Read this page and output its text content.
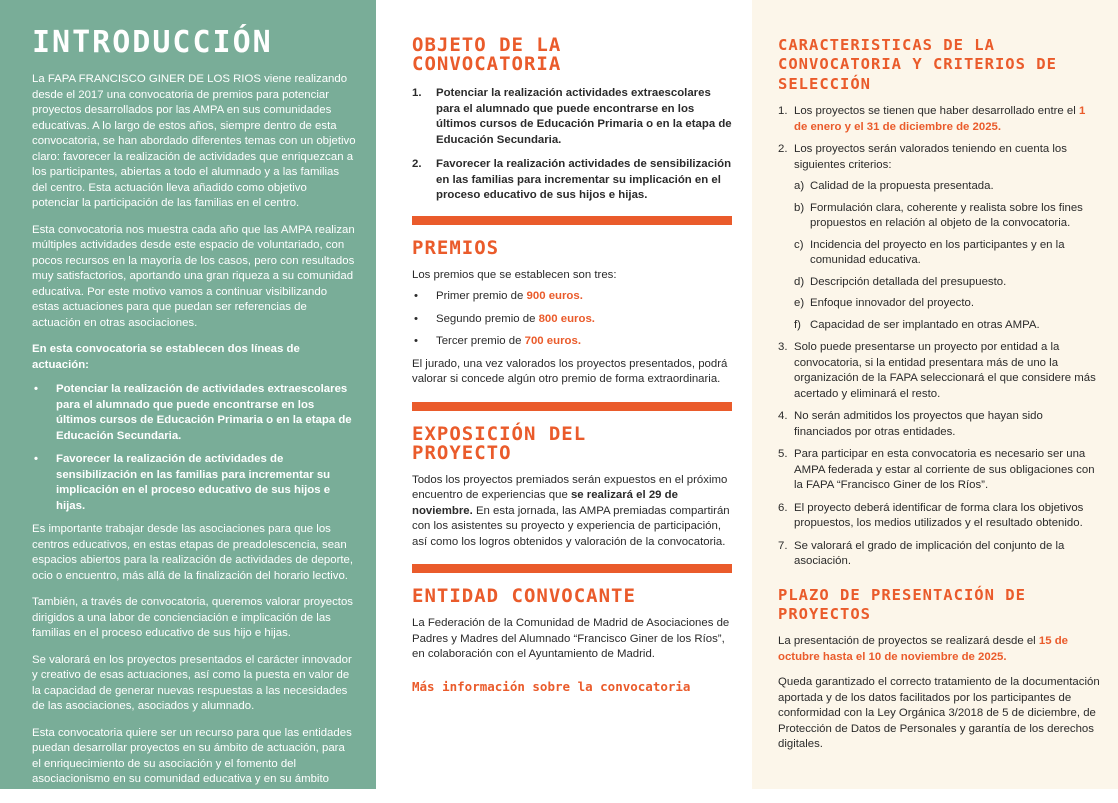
INTRODUCCIÓN

La FAPA FRANCISCO GINER DE LOS RIOS viene realizando desde el 2017 una convocatoria de premios para potenciar proyectos desarrollados por las AMPA en sus comunidades educativas. A lo largo de estos años, siempre dentro de esta convocatoria, se han abordado diferentes temas con un objetivo claro: favorecer la realización de actividades que enriquezcan a los participantes, abiertas a todo el alumnado y a las familias del centro. Esta actuación lleva añadido como objetivo potenciar la participación de las familias en el centro.

Esta convocatoria nos muestra cada año que las AMPA realizan múltiples actividades desde este espacio de voluntariado, con pocos recursos en la mayoría de los casos, pero con resultados muy satisfactorios, aportando una gran riqueza a su comunidad educativa. Por este motivo vamos a continuar visibilizando estas actuaciones para que puedan ser referencias de actuación en otras asociaciones.

En esta convocatoria se establecen dos líneas de actuación:

• Potenciar la realización de actividades extraescolares para el alumnado que puede encontrarse en los últimos cursos de Educación Primaria o en la etapa de Educación Secundaria.
• Favorecer la realización de actividades de sensibilización en las familias para incrementar su implicación en el proceso educativo de sus hijos e hijas.

Es importante trabajar desde las asociaciones para que los centros educativos, en estas etapas de preadolescencia, sean espacios abiertos para la realización de actividades de deporte, ocio o encuentro, más allá de la finalización del horario lectivo.

También, a través de convocatoria, queremos valorar proyectos dirigidos a una labor de concienciación e implicación de las familias en el proceso educativo de sus hijo e hijas.

Se valorará en los proyectos presentados el carácter innovador y creativo de esas actuaciones, así como la puesta en valor de la capacidad de generar nuevas respuestas a las necesidades de las asociaciones, asociados y alumnado.

Esta convocatoria quiere ser un recurso para que las entidades puedan desarrollar proyectos en su ámbito de actuación, para el enriquecimiento de su asociación y el fomento del asociacionismo en su comunidad educativa y en su ámbito local.

OBJETO DE LA CONVOCATORIA
1. Potenciar la realización actividades extraescolares para el alumnado que puede encontrarse en los últimos cursos de Educación Primaria o en la etapa de Educación Secundaria.
2. Favorecer la realización actividades de sensibilización en las familias para incrementar su implicación en el proceso educativo de sus hijos e hijas.
PREMIOS

Los premios que se establecen son tres:

• Primer premio de 900 euros.
• Segundo premio de 800 euros.
• Tercer premio de 700 euros.

El jurado, una vez valorados los proyectos presentados, podrá valorar si concede algún otro premio de forma extraordinaria.

EXPOSICIÓN DEL PROYECTO

Todos los proyectos premiados serán expuestos en el próximo encuentro de experiencias que se realizará el 29 de noviembre. En esta jornada, las AMPA premiadas compartirán con los asistentes su proyecto y experiencia de participación, así como los logros obtenidos y valoración de la convocatoria.

ENTIDAD CONVOCANTE

La Federación de la Comunidad de Madrid de Asociaciones de Padres y Madres del Alumnado “Francisco Giner de los Ríos”, en colaboración con el Ayuntamiento de Madrid.

Más información sobre la convocatoria
CARACTERISTICAS DE LA CONVOCATORIA Y CRITERIOS DE SELECCIÓN
1. Los proyectos se tienen que haber desarrollado entre el 1 de enero y el 31 de diciembre de 2025.
2. Los proyectos serán valorados teniendo en cuenta los siguientes criterios:
a) Calidad de la propuesta presentada.
b) Formulación clara, coherente y realista sobre los fines propuestos en relación al objeto de la convocatoria.
c) Incidencia del proyecto en los participantes y en la comunidad educativa.
d) Descripción detallada del presupuesto.
e) Enfoque innovador del proyecto.
f) Capacidad de ser implantado en otras AMPA.
3. Solo puede presentarse un proyecto por entidad a la convocatoria, si la entidad presentara más de uno la organización de la FAPA seleccionará el que considere más acertado y eliminará el resto.
4. No serán admitidos los proyectos que hayan sido financiados por otras entidades.
5. Para participar en esta convocatoria es necesario ser una AMPA federada y estar al corriente de sus obligaciones con la FAPA “Francisco Giner de los Ríos”.
6. El proyecto deberá identificar de forma clara los objetivos propuestos, los medios utilizados y el resultado obtenido.
7. Se valorará el grado de implicación del conjunto de la asociación.
PLAZO DE PRESENTACIÓN DE PROYECTOS

La presentación de proyectos se realizará desde el 15 de octubre hasta el 10 de noviembre de 2025.

Queda garantizado el correcto tratamiento de la documentación aportada y de los datos facilitados por los participantes de conformidad con la Ley Orgánica 3/2018 de 5 de diciembre, de Protección de Datos de Personales y garantía de los derechos digitales.
